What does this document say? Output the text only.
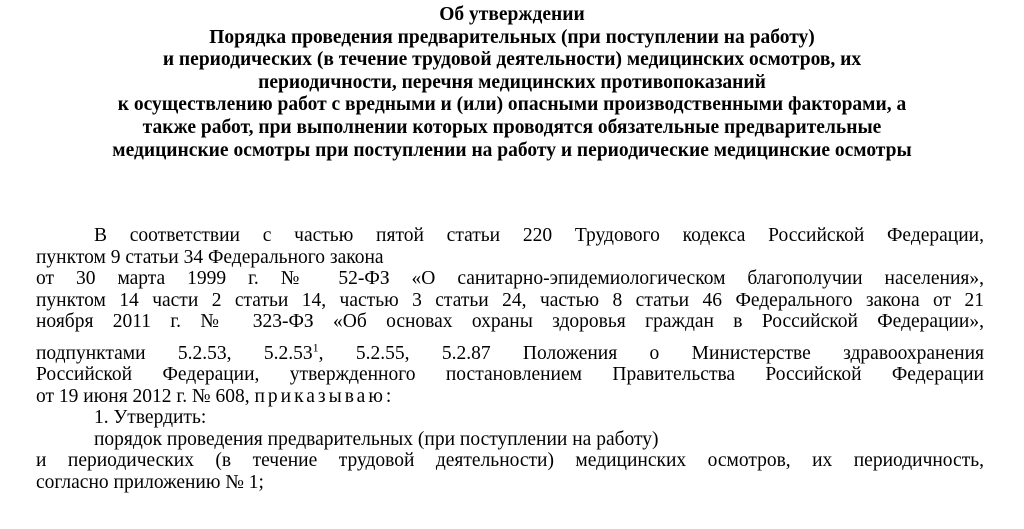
Об утверждении
Порядка проведения предварительных (при поступлении на работу)
и периодических (в течение трудовой деятельности) медицинских осмотров, их
периодичности, перечня медицинских противопоказаний
к осуществлению работ с вредными и (или) опасными производственными факторами, а
также работ, при выполнении которых проводятся обязательные предварительные
медицинские осмотры при поступлении на работу и периодические медицинские осмотры
В соответствии с частью пятой статьи 220 Трудового кодекса Российской Федерации,
пунктом 9 статьи 34 Федерального закона
от 30 марта 1999 г. № 52-ФЗ «О санитарно-эпидемиологическом благополучии населения»,
пунктом 14 части 2 статьи 14, частью 3 статьи 24, частью 8 статьи 46 Федерального закона от 21
ноября 2011 г. № 323-ФЗ «Об основах охраны здоровья граждан в Российской Федерации»,
подпунктами 5.2.53, 5.2.53$^1$, 5.2.55, 5.2.87 Положения о Министерстве здравоохранения
Российской Федерации, утвержденного постановлением Правительства Российской Федерации
от 19 июня 2012 г. № 608, приказываю:
1. Утвердить:
порядок проведения предварительных (при поступлении на работу)
и периодических (в течение трудовой деятельности) медицинских осмотров, их периодичность,
согласно приложению № 1;
